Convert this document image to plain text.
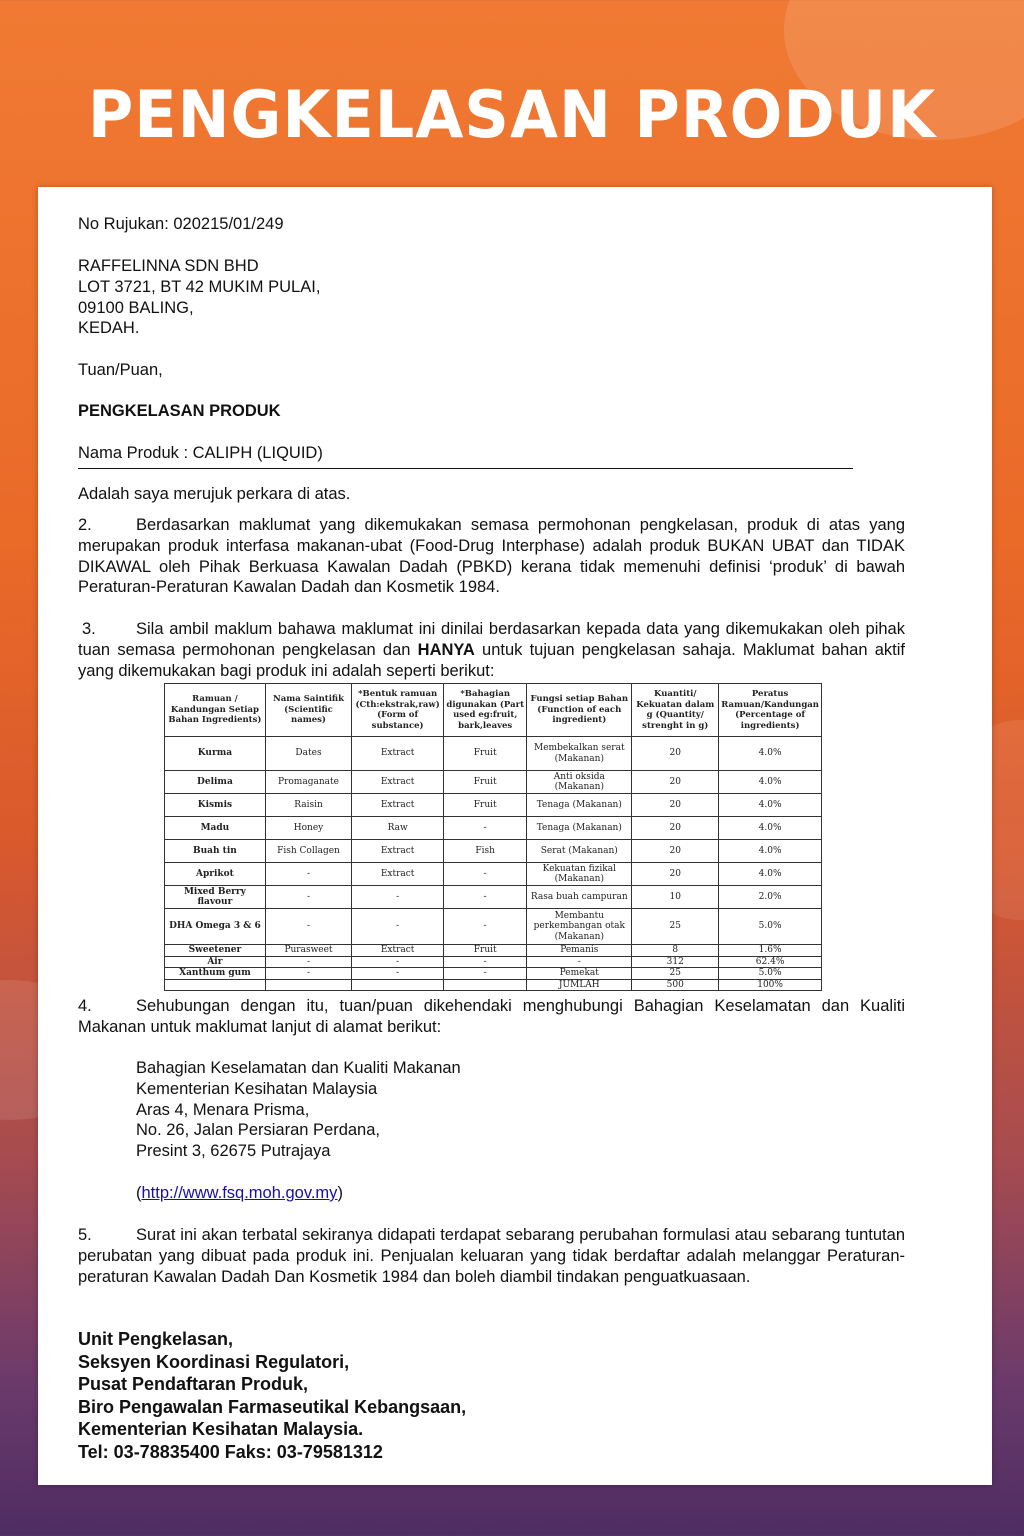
PENGKELASAN PRODUK
No Rujukan: 020215/01/249
RAFFELINNA SDN BHD
LOT 3721, BT 42 MUKIM PULAI,
09100 BALING,
KEDAH.
Tuan/Puan,
PENGKELASAN PRODUK
Nama Produk : CALIPH (LIQUID)
Adalah saya merujuk perkara di atas.
2.	Berdasarkan maklumat yang dikemukakan semasa permohonan pengkelasan, produk di atas yang merupakan produk interfasa makanan-ubat (Food-Drug Interphase) adalah produk BUKAN UBAT dan TIDAK DIKAWAL oleh Pihak Berkuasa Kawalan Dadah (PBKD) kerana tidak memenuhi definisi ‘produk’ di bawah Peraturan-Peraturan Kawalan Dadah dan Kosmetik 1984.
3. Sila ambil maklum bahawa maklumat ini dinilai berdasarkan kepada data yang dikemukakan oleh pihak tuan semasa permohonan pengkelasan dan HANYA untuk tujuan pengkelasan sahaja. Maklumat bahan aktif yang dikemukakan bagi produk ini adalah seperti berikut:
Ramuan / Kandungan Setiap Bahan Ingredients)	Nama Saintifik (Scientific names)	*Bentuk ramuan (Cth:ekstrak,raw) (Form of substance)	*Bahagian digunakan (Part used eg:fruit, bark,leaves	Fungsi setiap Bahan (Function of each ingredient)	Kuantiti/ Kekuatan dalam g (Quantity/ strenght in g)	Peratus Ramuan/Kandungan (Percentage of ingredients)
Kurma	Dates	Extract	Fruit	Membekalkan serat (Makanan)	20	4.0%
Delima	Promaganate	Extract	Fruit	Anti oksida (Makanan)	20	4.0%
Kismis	Raisin	Extract	Fruit	Tenaga (Makanan)	20	4.0%
Madu	Honey	Raw	-	Tenaga (Makanan)	20	4.0%
Buah tin	Fish Collagen	Extract	Fish	Serat (Makanan)	20	4.0%
Aprikot	-	Extract	-	Kekuatan fizikal (Makanan)	20	4.0%
Mixed Berry flavour	-	-	-	Rasa buah campuran	10	2.0%
DHA Omega 3 & 6	-	-	-	Membantu perkembangan otak (Makanan)	25	5.0%
Sweetener	Purasweet	Extract	Fruit	Pemanis	8	1.6%
Air	-	-	-	-	312	62.4%
Xanthum gum	-	-	-	Pemekat	25	5.0%
				JUMLAH	500	100%
4.	Sehubungan dengan itu, tuan/puan dikehendaki menghubungi Bahagian Keselamatan dan Kualiti Makanan untuk maklumat lanjut di alamat berikut:
Bahagian Keselamatan dan Kualiti Makanan
Kementerian Kesihatan Malaysia
Aras 4, Menara Prisma,
No. 26, Jalan Persiaran Perdana,
Presint 3, 62675 Putrajaya
(http://www.fsq.moh.gov.my)
5.	Surat ini akan terbatal sekiranya didapati terdapat sebarang perubahan formulasi atau sebarang tuntutan perubatan yang dibuat pada produk ini. Penjualan keluaran yang tidak berdaftar adalah melanggar Peraturan-peraturan Kawalan Dadah Dan Kosmetik 1984 dan boleh diambil tindakan penguatkuasaan.
Unit Pengkelasan,
Seksyen Koordinasi Regulatori,
Pusat Pendaftaran Produk,
Biro Pengawalan Farmaseutikal Kebangsaan,
Kementerian Kesihatan Malaysia.
Tel: 03-78835400 Faks: 03-79581312
